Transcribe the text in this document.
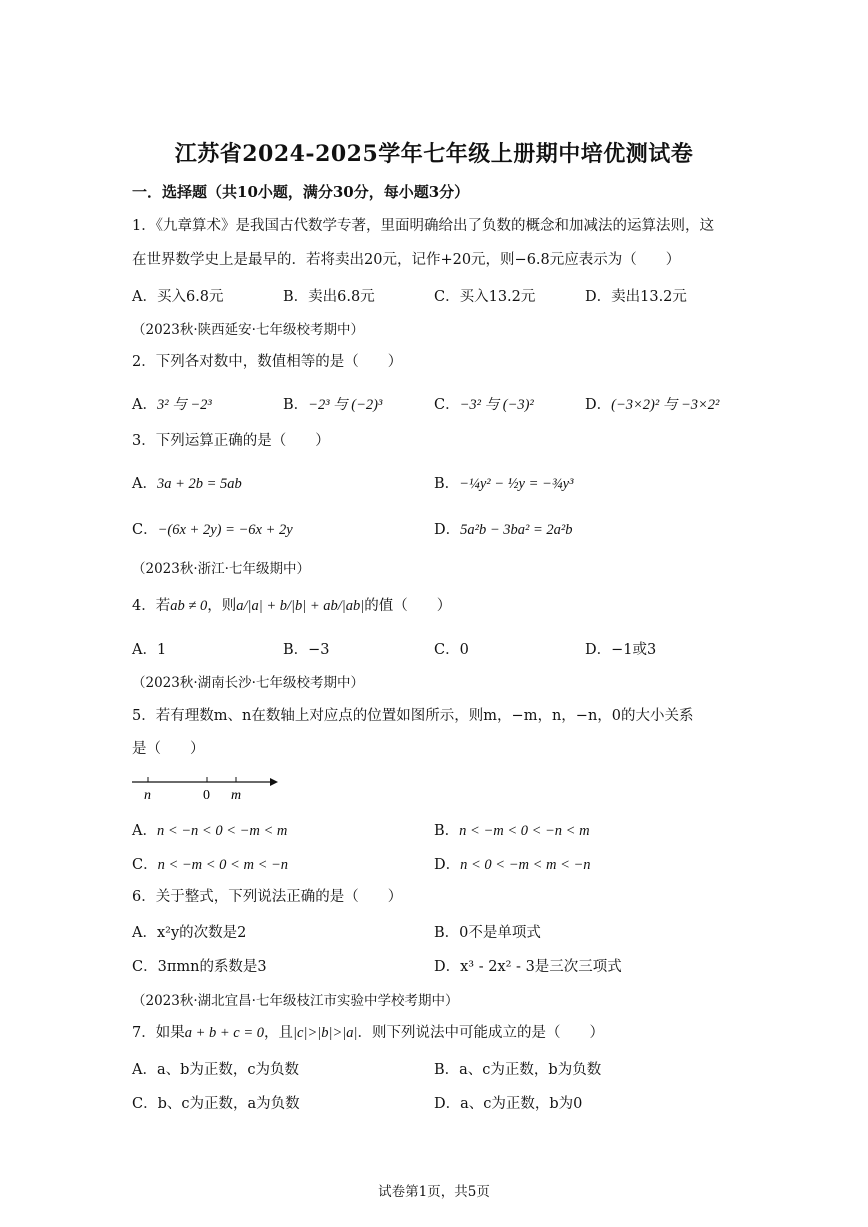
江苏省2024-2025学年七年级上册期中培优测试卷
一．选择题（共10小题，满分30分，每小题3分）
1．《九章算术》是我国古代数学专著，里面明确给出了负数的概念和加减法的运算法则，这
在世界数学史上是最早的．若将卖出20元，记作+20元，则−6.8元应表示为（　　）
A．买入6.8元	B．卖出6.8元	C．买入13.2元	D．卖出13.2元
（2023秋·陕西延安·七年级校考期中）
2．下列各对数中，数值相等的是（　　）
A．3² 与 −2³	B．−2³ 与 (−2)³	C．−3² 与 (−3)²	D．(−3×2)² 与 −3×2²
3．下列运算正确的是（　　）
A．3a + 2b = 5ab	B．−¼y² − ½y = −¾y³
C．−(6x + 2y) = −6x + 2y	D．5a²b − 3ba² = 2a²b
（2023秋·浙江·七年级期中）
4．若ab ≠ 0，则a/|a| + b/|b| + ab/|ab|的值（　　）
A．1	B．−3	C．0	D．−1或3
（2023秋·湖南长沙·七年级校考期中）
5．若有理数m、n在数轴上对应点的位置如图所示，则m，−m，n，−n，0的大小关系
是（　　）
n	0 m
A．n < −n < 0 < −m < m	B．n < −m < 0 < −n < m
C．n < −m < 0 < m < −n	D．n < 0 < −m < m < −n
6．关于整式，下列说法正确的是（　　）
A．x²y的次数是2	B．0不是单项式
C．3πmn的系数是3	D．x³ - 2x² - 3是三次三项式
（2023秋·湖北宜昌·七年级枝江市实验中学校考期中）
7．如果a + b + c = 0，且|c|>|b|>|a|．则下列说法中可能成立的是（　　）
A．a、b为正数，c为负数	B．a、c为正数，b为负数
C．b、c为正数，a为负数	D．a、c为正数，b为0
试卷第1页，共5页
